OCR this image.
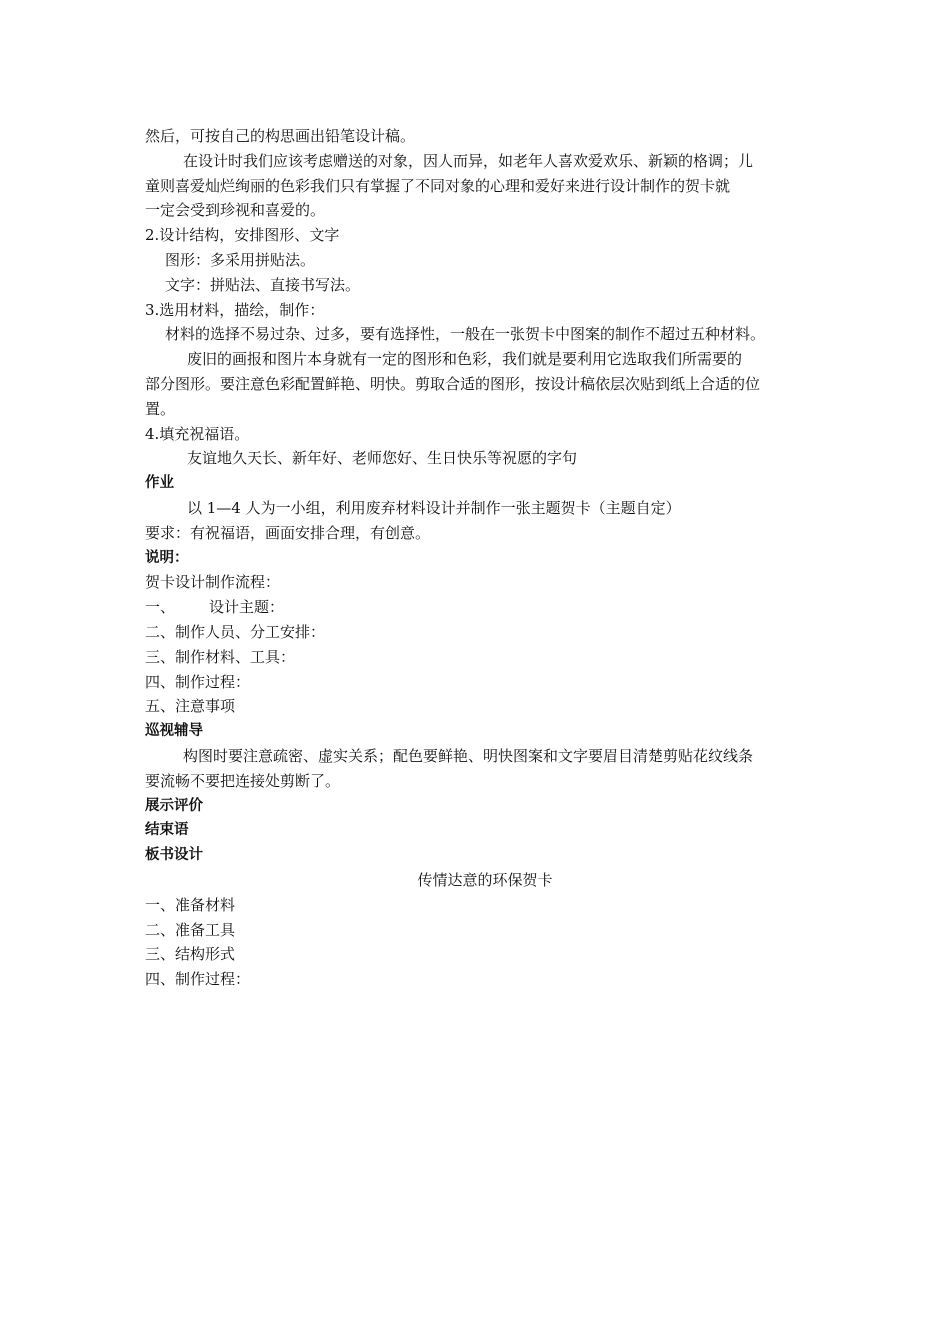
然后，可按自己的构思画出铅笔设计稿。
在设计时我们应该考虑赠送的对象，因人而异，如老年人喜欢爱欢乐、新颖的格调；儿
童则喜爱灿烂绚丽的色彩我们只有掌握了不同对象的心理和爱好来进行设计制作的贺卡就
一定会受到珍视和喜爱的。
2.设计结构，安排图形、文字
图形：多采用拼贴法。
文字：拼贴法、直接书写法。
3.选用材料，描绘，制作：
材料的选择不易过杂、过多，要有选择性，一般在一张贺卡中图案的制作不超过五种材料。
废旧的画报和图片本身就有一定的图形和色彩，我们就是要利用它选取我们所需要的
部分图形。要注意色彩配置鲜艳、明快。剪取合适的图形，按设计稿依层次贴到纸上合适的位
置。
4.填充祝福语。
友谊地久天长、新年好、老师您好、生日快乐等祝愿的字句
作业
以 1—4 人为一小组，利用废弃材料设计并制作一张主题贺卡（主题自定）
要求：有祝福语，画面安排合理，有创意。
说明：
贺卡设计制作流程：
一、 设计主题：
二、制作人员、分工安排：
三、制作材料、工具：
四、制作过程：
五、注意事项
巡视辅导
构图时要注意疏密、虚实关系；配色要鲜艳、明快图案和文字要眉目清楚剪贴花纹线条
要流畅不要把连接处剪断了。
展示评价
结束语
板书设计
传情达意的环保贺卡
一、准备材料
二、准备工具
三、结构形式
四、制作过程：
